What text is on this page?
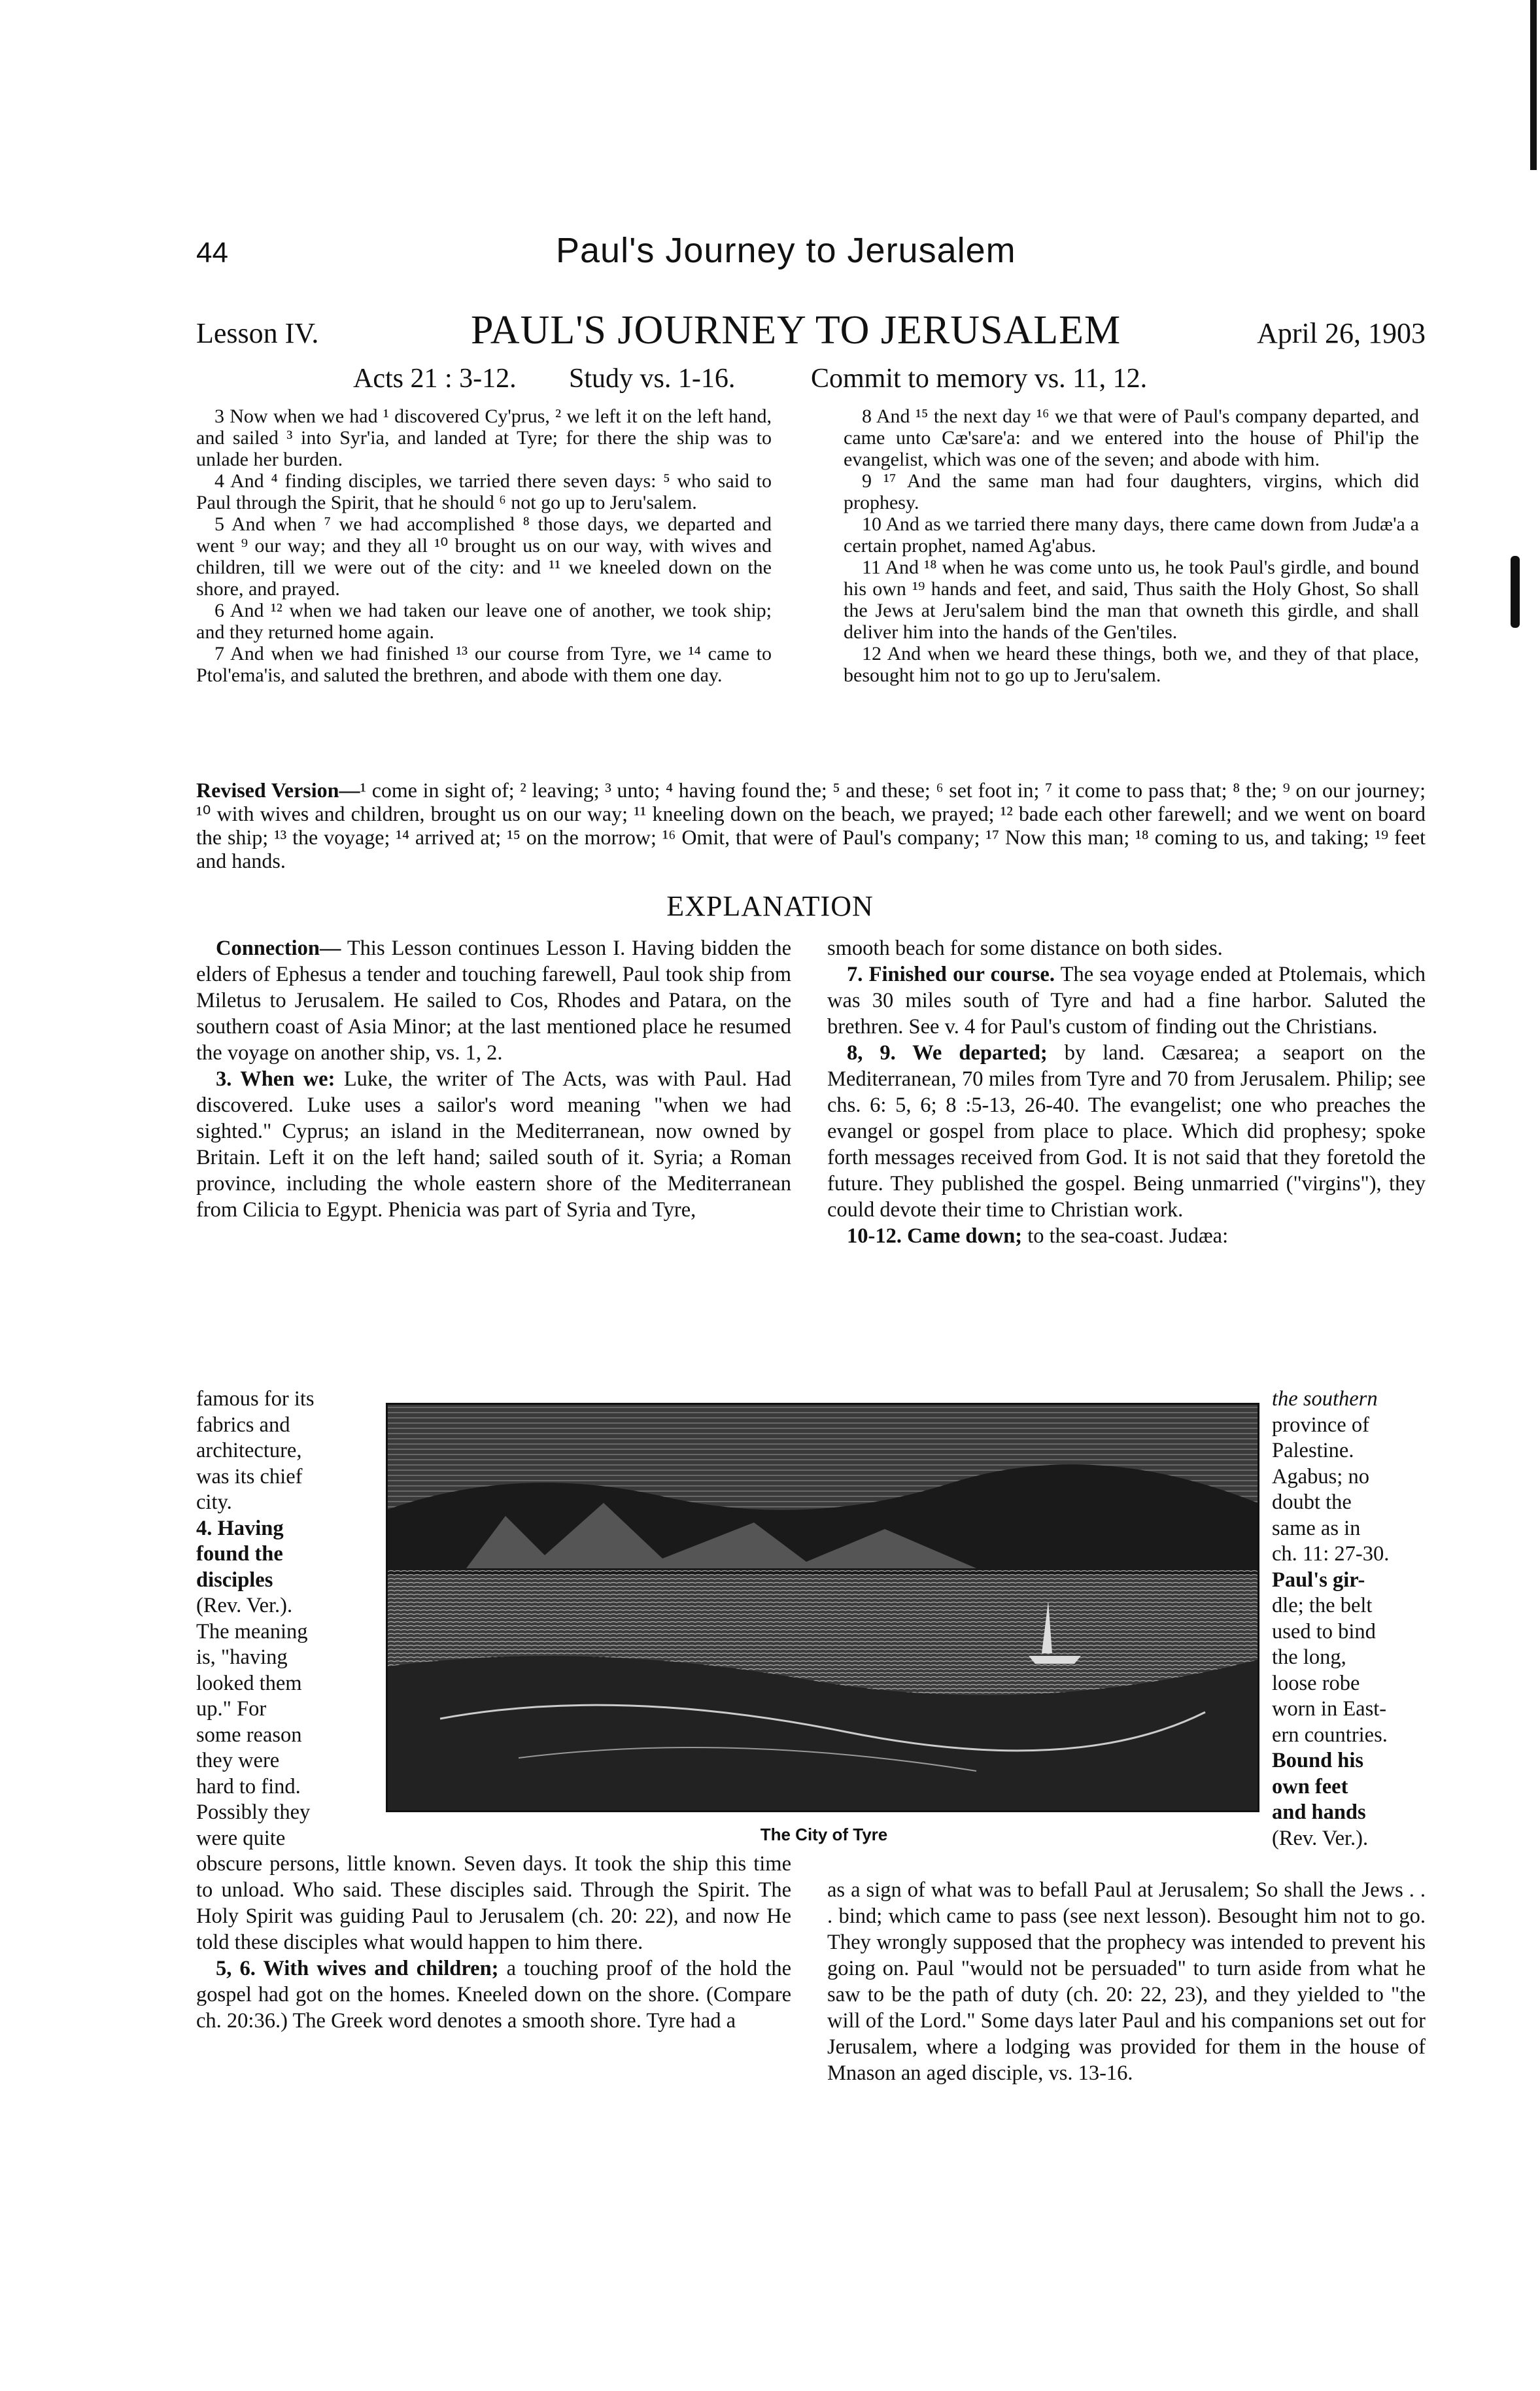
44	Paul's Journey to Jerusalem
Lesson IV.	PAUL'S JOURNEY TO JERUSALEM	April 26, 1903
Acts 21 : 3-12. Study vs. 1-16.	Commit to memory vs. 11, 12.

3 Now when we had ¹ discovered Cy'prus, ² we left it on the left hand, and sailed ³ into Syr'ia, and landed at Tyre; for there the ship was to unlade her burden.

4 And ⁴ finding disciples, we tarried there seven days: ⁵ who said to Paul through the Spirit, that he should ⁶ not go up to Jeru'salem.

5 And when ⁷ we had accomplished ⁸ those days, we departed and went ⁹ our way; and they all ¹⁰ brought us on our way, with wives and children, till we were out of the city: and ¹¹ we kneeled down on the shore, and prayed.

6 And ¹² when we had taken our leave one of another, we took ship; and they returned home again.

7 And when we had finished ¹³ our course from Tyre, we ¹⁴ came to Ptol'ema'is, and saluted the brethren, and abode with them one day.

8 And ¹⁵ the next day ¹⁶ we that were of Paul's company departed, and came unto Cæ'sare'a: and we entered into the house of Phil'ip the evangelist, which was one of the seven; and abode with him.

9 ¹⁷ And the same man had four daughters, virgins, which did prophesy.

10 And as we tarried there many days, there came down from Judæ'a a certain prophet, named Ag'abus.

11 And ¹⁸ when he was come unto us, he took Paul's girdle, and bound his own ¹⁹ hands and feet, and said, Thus saith the Holy Ghost, So shall the Jews at Jeru'salem bind the man that owneth this girdle, and shall deliver him into the hands of the Gen'tiles.

12 And when we heard these things, both we, and they of that place, besought him not to go up to Jeru'salem.

Revised Version—¹ come in sight of; ² leaving; ³ unto; ⁴ having found the; ⁵ and these; ⁶ set foot in; ⁷ it come to pass that; ⁸ the; ⁹ on our journey; ¹⁰ with wives and children, brought us on our way; ¹¹ kneeling down on the beach, we prayed; ¹² bade each other farewell; and we went on board the ship; ¹³ the voyage; ¹⁴ arrived at; ¹⁵ on the morrow; ¹⁶ Omit, that were of Paul's company; ¹⁷ Now this man; ¹⁸ coming to us, and taking; ¹⁹ feet and hands.
EXPLANATION

Connection— This Lesson continues Lesson I. Having bidden the elders of Ephesus a tender and touching farewell, Paul took ship from Miletus to Jerusalem. He sailed to Cos, Rhodes and Patara, on the southern coast of Asia Minor; at the last mentioned place he resumed the voyage on another ship, vs. 1, 2.

3. When we: Luke, the writer of The Acts, was with Paul. Had discovered. Luke uses a sailor's word meaning "when we had sighted." Cyprus; an island in the Mediterranean, now owned by Britain. Left it on the left hand; sailed south of it. Syria; a Roman province, including the whole eastern shore of the Mediterranean from Cilicia to Egypt. Phenicia was part of Syria and Tyre,

famous for its
fabrics and
architecture,
was its chief
city.
4. Having
found the
disciples
(Rev. Ver.).
The meaning
is, "having
looked them
up." For
some reason
they were
hard to find.
Possibly they
were quite

obscure persons, little known. Seven days. It took the ship this time to unload. Who said. These disciples said. Through the Spirit. The Holy Spirit was guiding Paul to Jerusalem (ch. 20: 22), and now He told these disciples what would happen to him there.

5, 6. With wives and children; a touching proof of the hold the gospel had got on the homes. Kneeled down on the shore. (Compare ch. 20:36.) The Greek word denotes a smooth shore. Tyre had a

smooth beach for some distance on both sides.

7. Finished our course. The sea voyage ended at Ptolemais, which was 30 miles south of Tyre and had a fine harbor. Saluted the brethren. See v. 4 for Paul's custom of finding out the Christians.

8, 9. We departed; by land. Cæsarea; a seaport on the Mediterranean, 70 miles from Tyre and 70 from Jerusalem. Philip; see chs. 6: 5, 6; 8 :5-13, 26-40. The evangelist; one who preaches the evangel or gospel from place to place. Which did prophesy; spoke forth messages received from God. It is not said that they foretold the future. They published the gospel. Being unmarried ("virgins"), they could devote their time to Christian work.

10-12. Came down; to the sea-coast. Judæa:

the southern
province of
Palestine.
Agabus; no
doubt the
same as in
ch. 11: 27-30.
Paul's gir-
dle; the belt
used to bind
the long,
loose robe
worn in East-
ern countries.
Bound his
own feet
and hands
(Rev. Ver.).

as a sign of what was to befall Paul at Jerusalem; So shall the Jews . . . bind; which came to pass (see next lesson). Besought him not to go. They wrongly supposed that the prophecy was intended to prevent his going on. Paul "would not be persuaded" to turn aside from what he saw to be the path of duty (ch. 20: 22, 23), and they yielded to "the will of the Lord." Some days later Paul and his companions set out for Jerusalem, where a lodging was provided for them in the house of Mnason an aged disciple, vs. 13-16.

The City of Tyre
